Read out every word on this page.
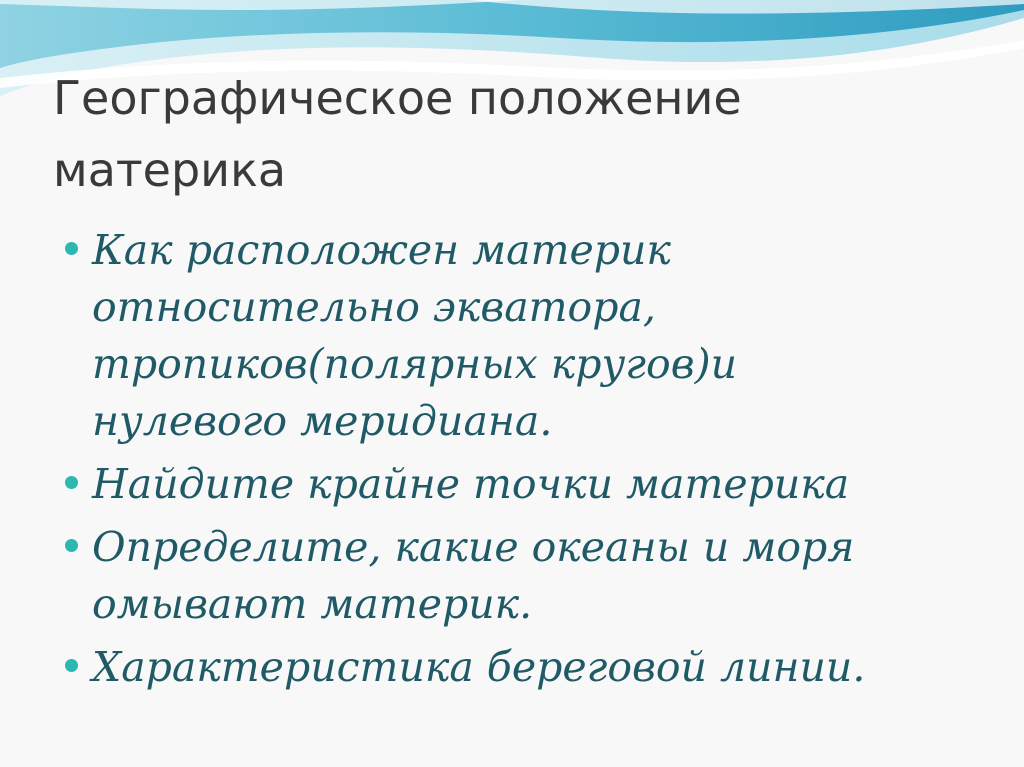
Географическое положение
материка
Как расположен материк
относительно экватора,
тропиков(полярных кругов)и
нулевого меридиана.
Найдите крайне точки материка
Определите, какие океаны и моря
омывают материк.
Характеристика береговой линии.
